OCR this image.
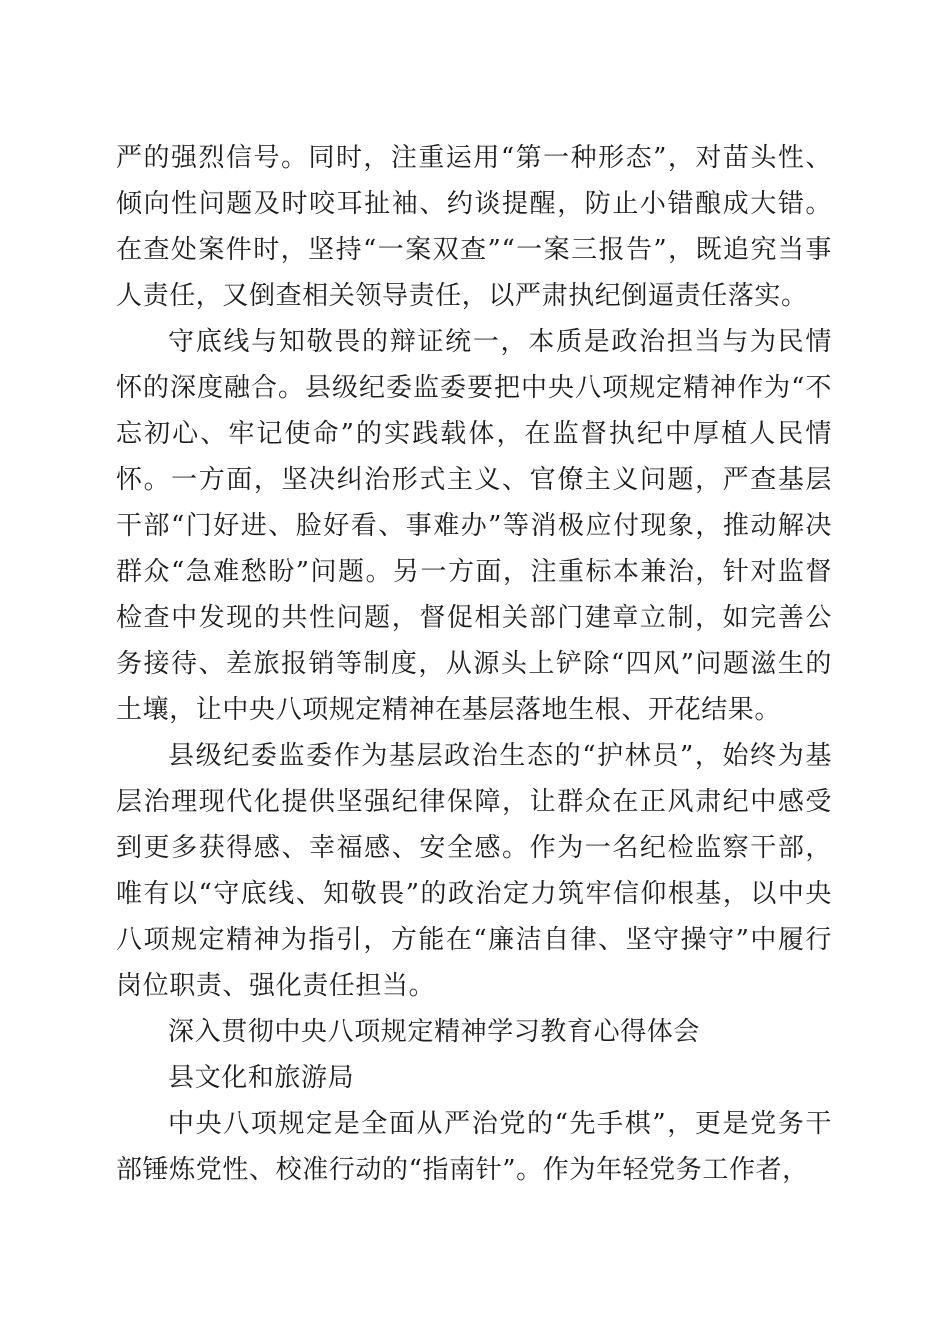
严的强烈信号。同时，注重运用“第一种形态”，对苗头性、倾向性问题及时咬耳扯袖、约谈提醒，防止小错酿成大错。在查处案件时，坚持“一案双查”“一案三报告”，既追究当事人责任，又倒查相关领导责任，以严肃执纪倒逼责任落实。

守底线与知敬畏的辩证统一，本质是政治担当与为民情怀的深度融合。县级纪委监委要把中央八项规定精神作为“不忘初心、牢记使命”的实践载体，在监督执纪中厚植人民情怀。一方面，坚决纠治形式主义、官僚主义问题，严查基层干部“门好进、脸好看、事难办”等消极应付现象，推动解决群众“急难愁盼”问题。另一方面，注重标本兼治，针对监督检查中发现的共性问题，督促相关部门建章立制，如完善公务接待、差旅报销等制度，从源头上铲除“四风”问题滋生的土壤，让中央八项规定精神在基层落地生根、开花结果。

县级纪委监委作为基层政治生态的“护林员”，始终为基层治理现代化提供坚强纪律保障，让群众在正风肃纪中感受到更多获得感、幸福感、安全感。作为一名纪检监察干部，唯有以“守底线、知敬畏”的政治定力筑牢信仰根基，以中央八项规定精神为指引，方能在“廉洁自律、坚守操守”中履行岗位职责、强化责任担当。

深入贯彻中央八项规定精神学习教育心得体会

县文化和旅游局

中央八项规定是全面从严治党的“先手棋”，更是党务干部锤炼党性、校准行动的“指南针”。作为年轻党务工作者，
